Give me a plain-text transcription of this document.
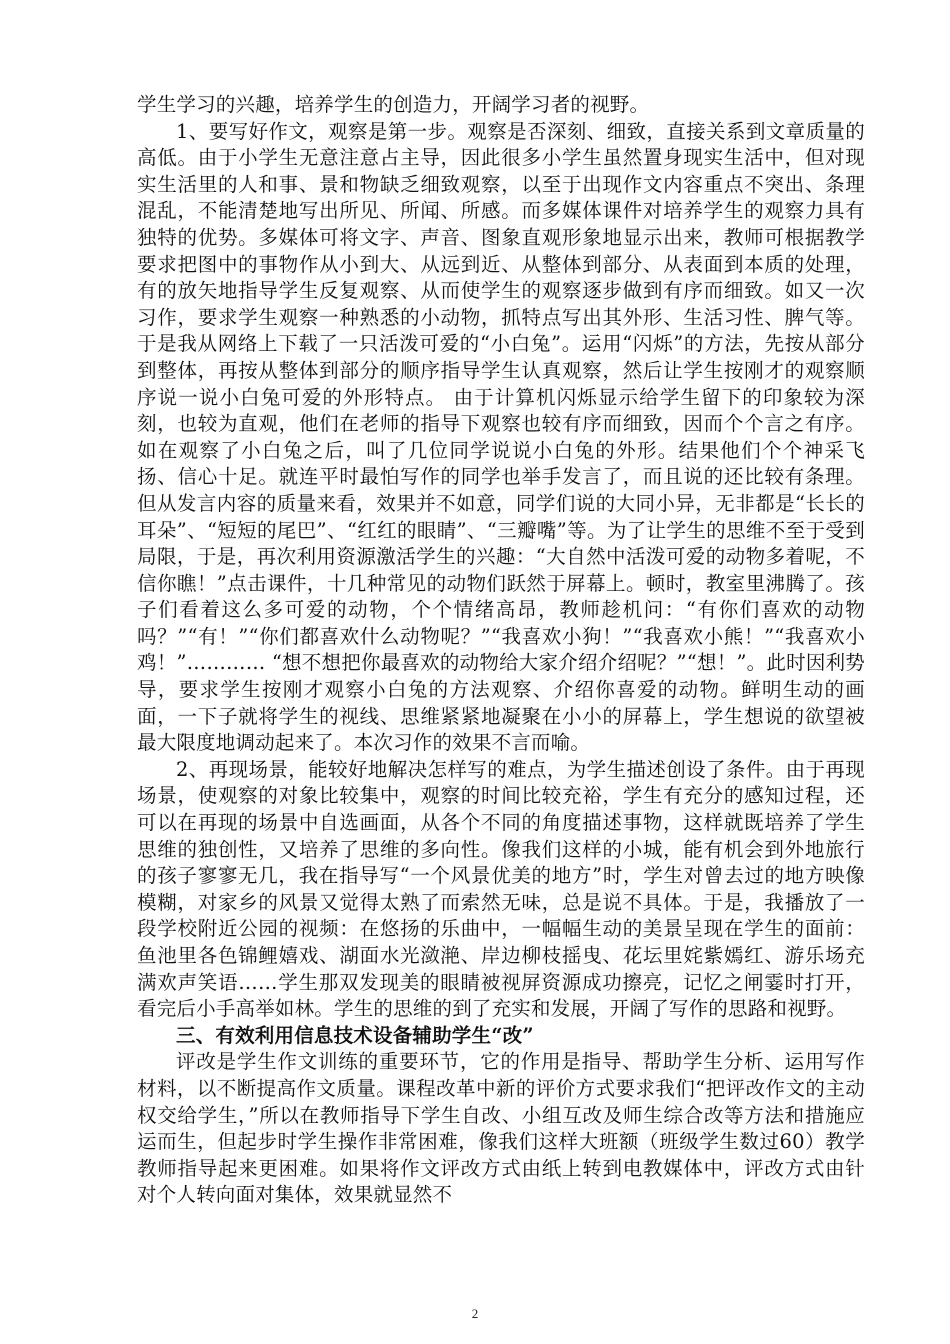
学生学习的兴趣，培养学生的创造力，开阔学习者的视野。

1、要写好作文，观察是第一步。观察是否深刻、细致，直接关系到文章质量的高低。由于小学生无意注意占主导，因此很多小学生虽然置身现实生活中，但对现实生活里的人和事、景和物缺乏细致观察，以至于出现作文内容重点不突出、条理混乱，不能清楚地写出所见、所闻、所感。而多媒体课件对培养学生的观察力具有独特的优势。多媒体可将文字、声音、图象直观形象地显示出来，教师可根据教学要求把图中的事物作从小到大、从远到近、从整体到部分、从表面到本质的处理，有的放矢地指导学生反复观察、从而使学生的观察逐步做到有序而细致。如又一次习作，要求学生观察一种熟悉的小动物，抓特点写出其外形、生活习性、脾气等。于是我从网络上下载了一只活泼可爱的“小白兔”。运用“闪烁”的方法，先按从部分到整体，再按从整体到部分的顺序指导学生认真观察，然后让学生按刚才的观察顺序说一说小白兔可爱的外形特点。 由于计算机闪烁显示给学生留下的印象较为深刻，也较为直观，他们在老师的指导下观察也较有序而细致，因而个个言之有序。如在观察了小白兔之后，叫了几位同学说说小白兔的外形。结果他们个个神采飞扬、信心十足。就连平时最怕写作的同学也举手发言了，而且说的还比较有条理。但从发言内容的质量来看，效果并不如意，同学们说的大同小异，无非都是“长长的耳朵”、“短短的尾巴”、“红红的眼睛”、“三瓣嘴”等。为了让学生的思维不至于受到局限，于是，再次利用资源激活学生的兴趣：“大自然中活泼可爱的动物多着呢，不信你瞧！”点击课件，十几种常见的动物们跃然于屏幕上。顿时，教室里沸腾了。孩子们看着这么多可爱的动物，个个情绪高昂，教师趁机问：“有你们喜欢的动物吗？”“有！”“你们都喜欢什么动物呢？”“我喜欢小狗！”“我喜欢小熊！”“我喜欢小鸡！”………… “想不想把你最喜欢的动物给大家介绍介绍呢？”“想！”。此时因利势导，要求学生按刚才观察小白兔的方法观察、介绍你喜爱的动物。鲜明生动的画面，一下子就将学生的视线、思维紧紧地凝聚在小小的屏幕上，学生想说的欲望被最大限度地调动起来了。本次习作的效果不言而喻。

2、再现场景，能较好地解决怎样写的难点，为学生描述创设了条件。由于再现场景，使观察的对象比较集中，观察的时间比较充裕，学生有充分的感知过程，还可以在再现的场景中自选画面，从各个不同的角度描述事物，这样就既培养了学生思维的独创性，又培养了思维的多向性。像我们这样的小城，能有机会到外地旅行的孩子寥寥无几，我在指导写“一个风景优美的地方”时，学生对曾去过的地方映像模糊，对家乡的风景又觉得太熟了而索然无味，总是说不具体。于是，我播放了一段学校附近公园的视频：在悠扬的乐曲中，一幅幅生动的美景呈现在学生的面前：鱼池里各色锦鲤嬉戏、湖面水光潋滟、岸边柳枝摇曳、花坛里姹紫嫣红、游乐场充满欢声笑语……学生那双发现美的眼睛被视屏资源成功擦亮，记忆之闸霎时打开，看完后小手高举如林。学生的思维的到了充实和发展，开阔了写作的思路和视野。

三、有效利用信息技术设备辅助学生“改”

评改是学生作文训练的重要环节，它的作用是指导、帮助学生分析、运用写作材料，以不断提高作文质量。课程改革中新的评价方式要求我们“把评改作文的主动权交给学生，”所以在教师指导下学生自改、小组互改及师生综合改等方法和措施应运而生，但起步时学生操作非常困难，像我们这样大班额（班级学生数过60）教学教师指导起来更困难。如果将作文评改方式由纸上转到电教媒体中，评改方式由针对个人转向面对集体，效果就显然不

2
